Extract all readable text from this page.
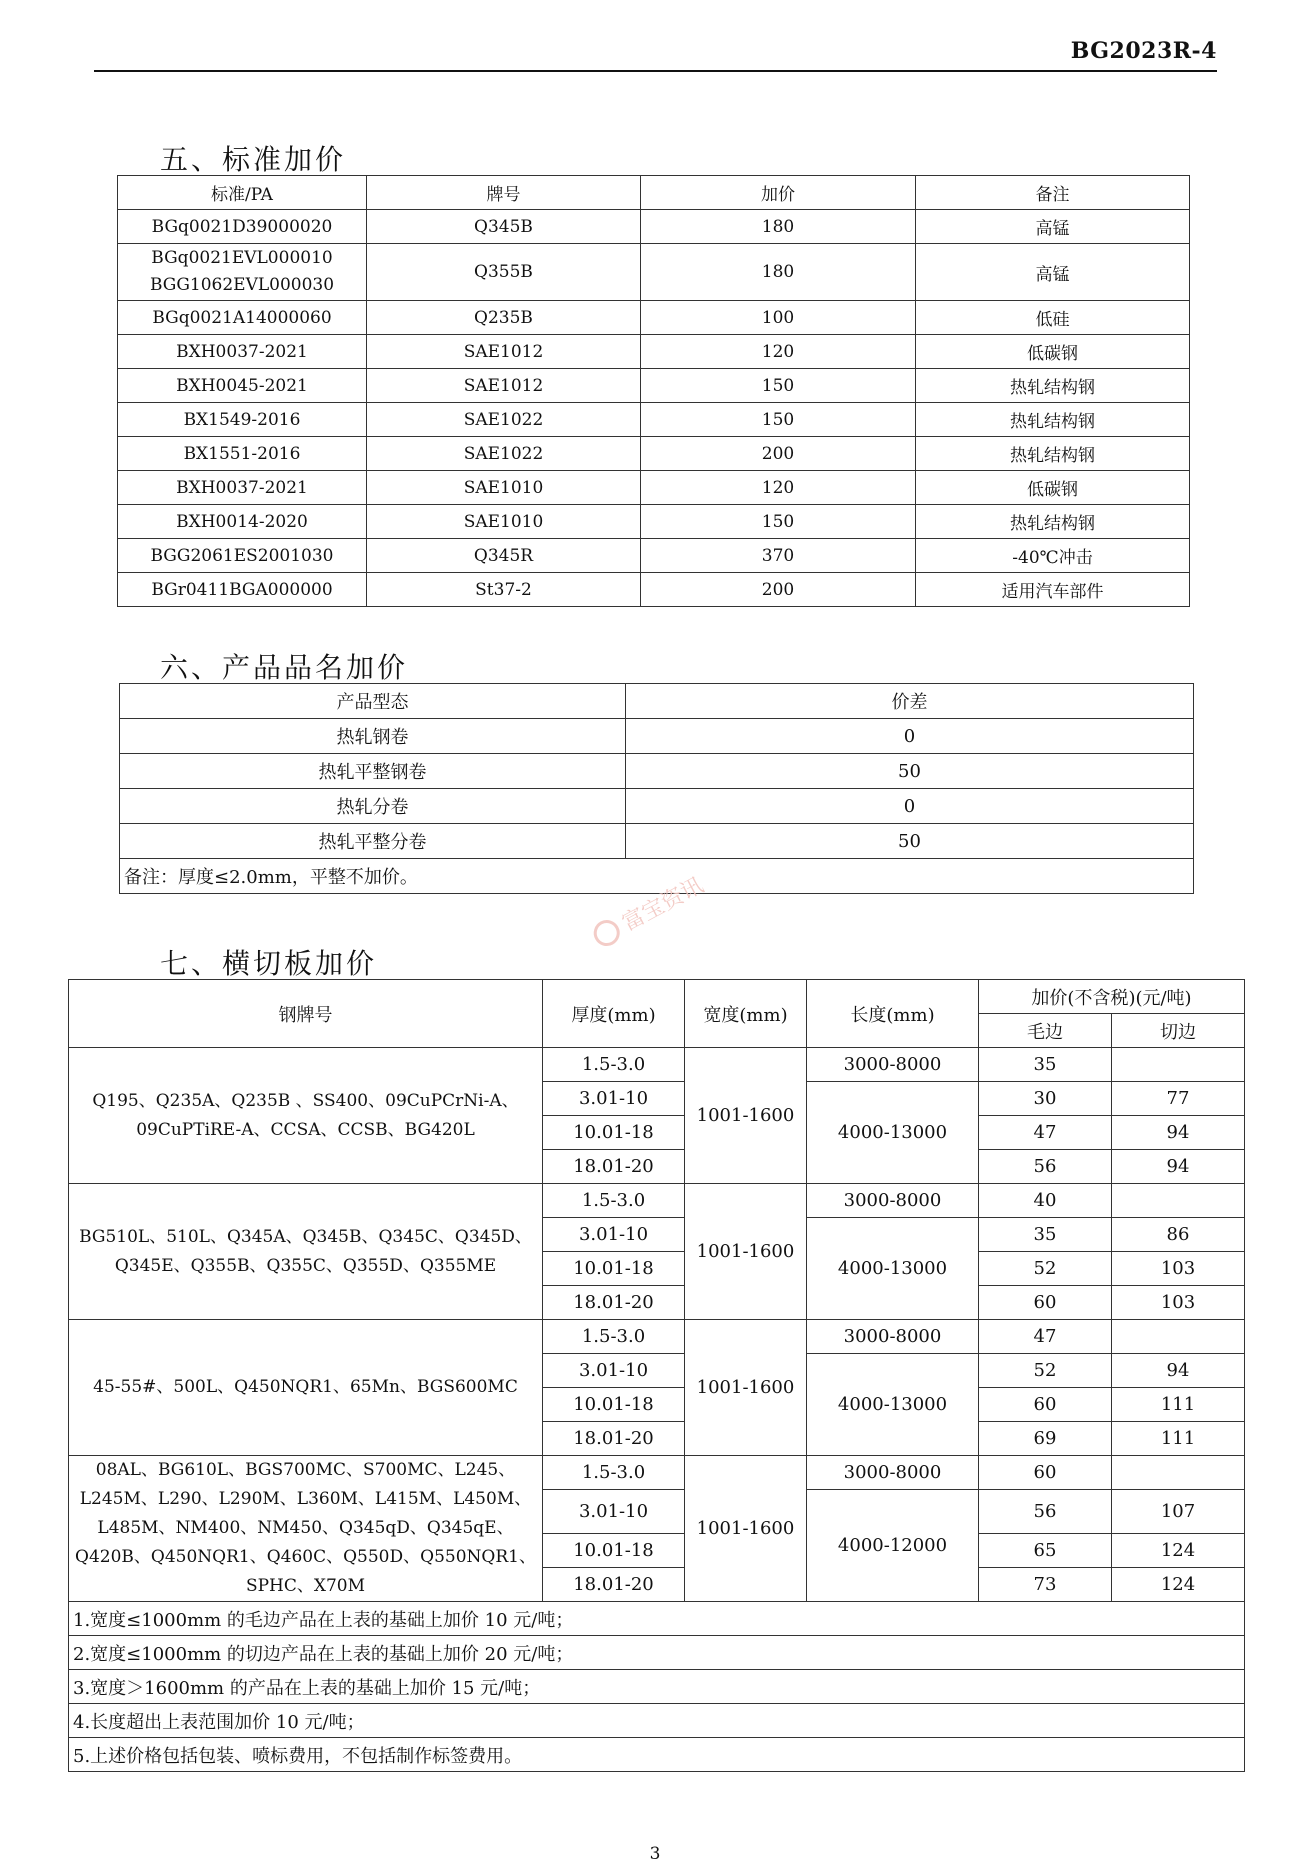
BG2023R-4
五、标准加价
标准/PA	牌号	加价	备注
BGq0021D39000020	Q345B	180	高锰

BGq0021EVL000010
BGG1062EVL000030	Q355B	180	高锰
BGq0021A14000060	Q235B	100	低硅
BXH0037-2021	SAE1012	120	低碳钢
BXH0045-2021	SAE1012	150	热轧结构钢
BX1549-2016	SAE1022	150	热轧结构钢
BX1551-2016	SAE1022	200	热轧结构钢
BXH0037-2021	SAE1010	120	低碳钢
BXH0014-2020	SAE1010	150	热轧结构钢
BGG2061ES2001030	Q345R	370	-40℃冲击
BGr0411BGA000000	St37-2	200	适用汽车部件
六、产品品名加价
产品型态	价差
热轧钢卷	0
热轧平整钢卷	50
热轧分卷	0
热轧平整分卷	50
备注：厚度≤2.0mm，平整不加价。		富宝资讯
七、横切板加价
钢牌号	厚度(mm)	宽度(mm)	长度(mm)	加价(不含税)(元/吨)	
				毛边	切边
Q195、Q235A、Q235B 、SS400、09CuPCrNi-A、09CuPTiRE-A、CCSA、CCSB、BG420L	1.5-3.0	1001-1600	3000-8000	35	
	3.01-10		4000-13000	30	77
	10.01-18			47	94
	18.01-20			56	94
BG510L、510L、Q345A、Q345B、Q345C、Q345D、Q345E、Q355B、Q355C、Q355D、Q355ME	1.5-3.0	1001-1600	3000-8000	40	
	3.01-10		4000-13000	35	86
	10.01-18			52	103
	18.01-20			60	103
45-55#、500L、Q450NQR1、65Mn、BGS600MC	1.5-3.0	1001-1600	3000-8000	47	
	3.01-10		4000-13000	52	94
	10.01-18			60	111
	18.01-20			69	111
08AL、BG610L、BGS700MC、S700MC、L245、L245M、L290、L290M、L360M、L415M、L450M、L485M、NM400、NM450、Q345qD、Q345qE、Q420B、Q450NQR1、Q460C、Q550D、Q550NQR1、SPHC、X70M	1.5-3.0	1001-1600	3000-8000	60	
	3.01-10		4000-12000	56	107
	10.01-18			65	124
	18.01-20			73	124
1.宽度≤1000mm 的毛边产品在上表的基础上加价 10 元/吨；					
2.宽度≤1000mm 的切边产品在上表的基础上加价 20 元/吨；					
3.宽度＞1600mm 的产品在上表的基础上加价 15 元/吨；					
4.长度超出上表范围加价 10 元/吨；					
5.上述价格包括包装、喷标费用，不包括制作标签费用。					
3
